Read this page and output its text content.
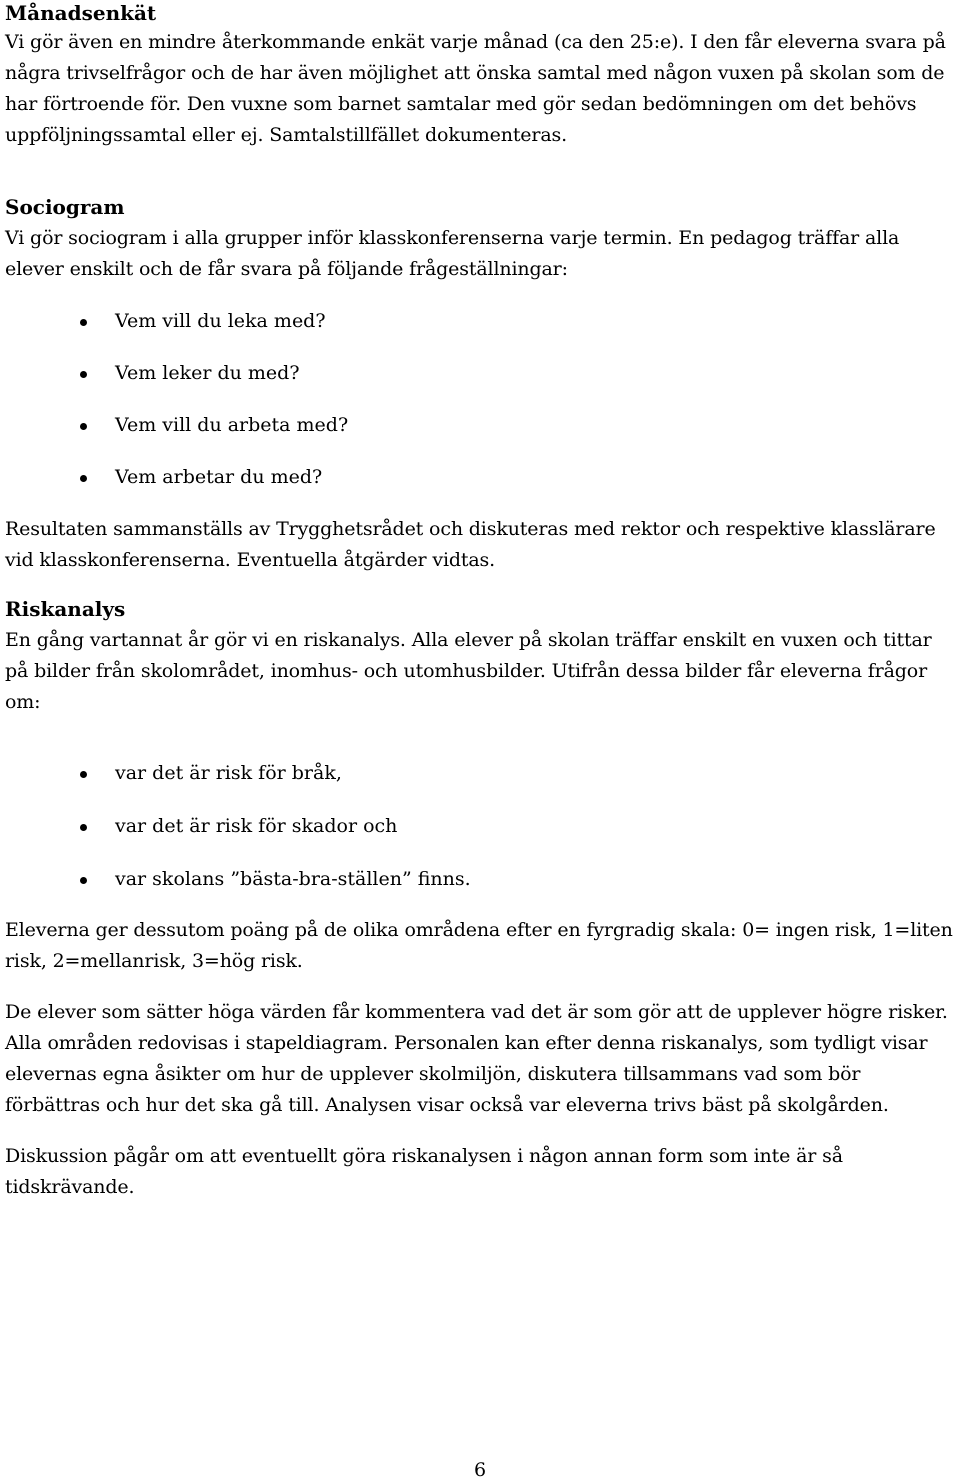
Månadsenkät

Vi gör även en mindre återkommande enkät varje månad (ca den 25:e). I den får eleverna svara på några trivselfrågor och de har även möjlighet att önska samtal med någon vuxen på skolan som de har förtroende för. Den vuxne som barnet samtalar med gör sedan bedömningen om det behövs uppföljningssamtal eller ej. Samtalstillfället dokumenteras.

Sociogram

Vi gör sociogram i alla grupper inför klasskonferenserna varje termin. En pedagog träffar alla elever enskilt och de får svara på följande frågeställningar:

Vem vill du leka med?
Vem leker du med?
Vem vill du arbeta med?
Vem arbetar du med?

Resultaten sammanställs av Trygghetsrådet och diskuteras med rektor och respektive klasslärare vid klasskonferenserna. Eventuella åtgärder vidtas.

Riskanalys

En gång vartannat år gör vi en riskanalys. Alla elever på skolan träffar enskilt en vuxen och tittar på bilder från skolområdet, inomhus- och utomhusbilder. Utifrån dessa bilder får eleverna frågor om:

var det är risk för bråk,
var det är risk för skador och
var skolans ”bästa-bra-ställen” finns.

Eleverna ger dessutom poäng på de olika områdena efter en fyrgradig skala: 0= ingen risk, 1=liten risk, 2=mellanrisk, 3=hög risk.

De elever som sätter höga värden får kommentera vad det är som gör att de upplever högre risker. Alla områden redovisas i stapeldiagram. Personalen kan efter denna riskanalys, som tydligt visar elevernas egna åsikter om hur de upplever skolmiljön, diskutera tillsammans vad som bör förbättras och hur det ska gå till. Analysen visar också var eleverna trivs bäst på skolgården.

Diskussion pågår om att eventuellt göra riskanalysen i någon annan form som inte är så tidskrävande.

6
